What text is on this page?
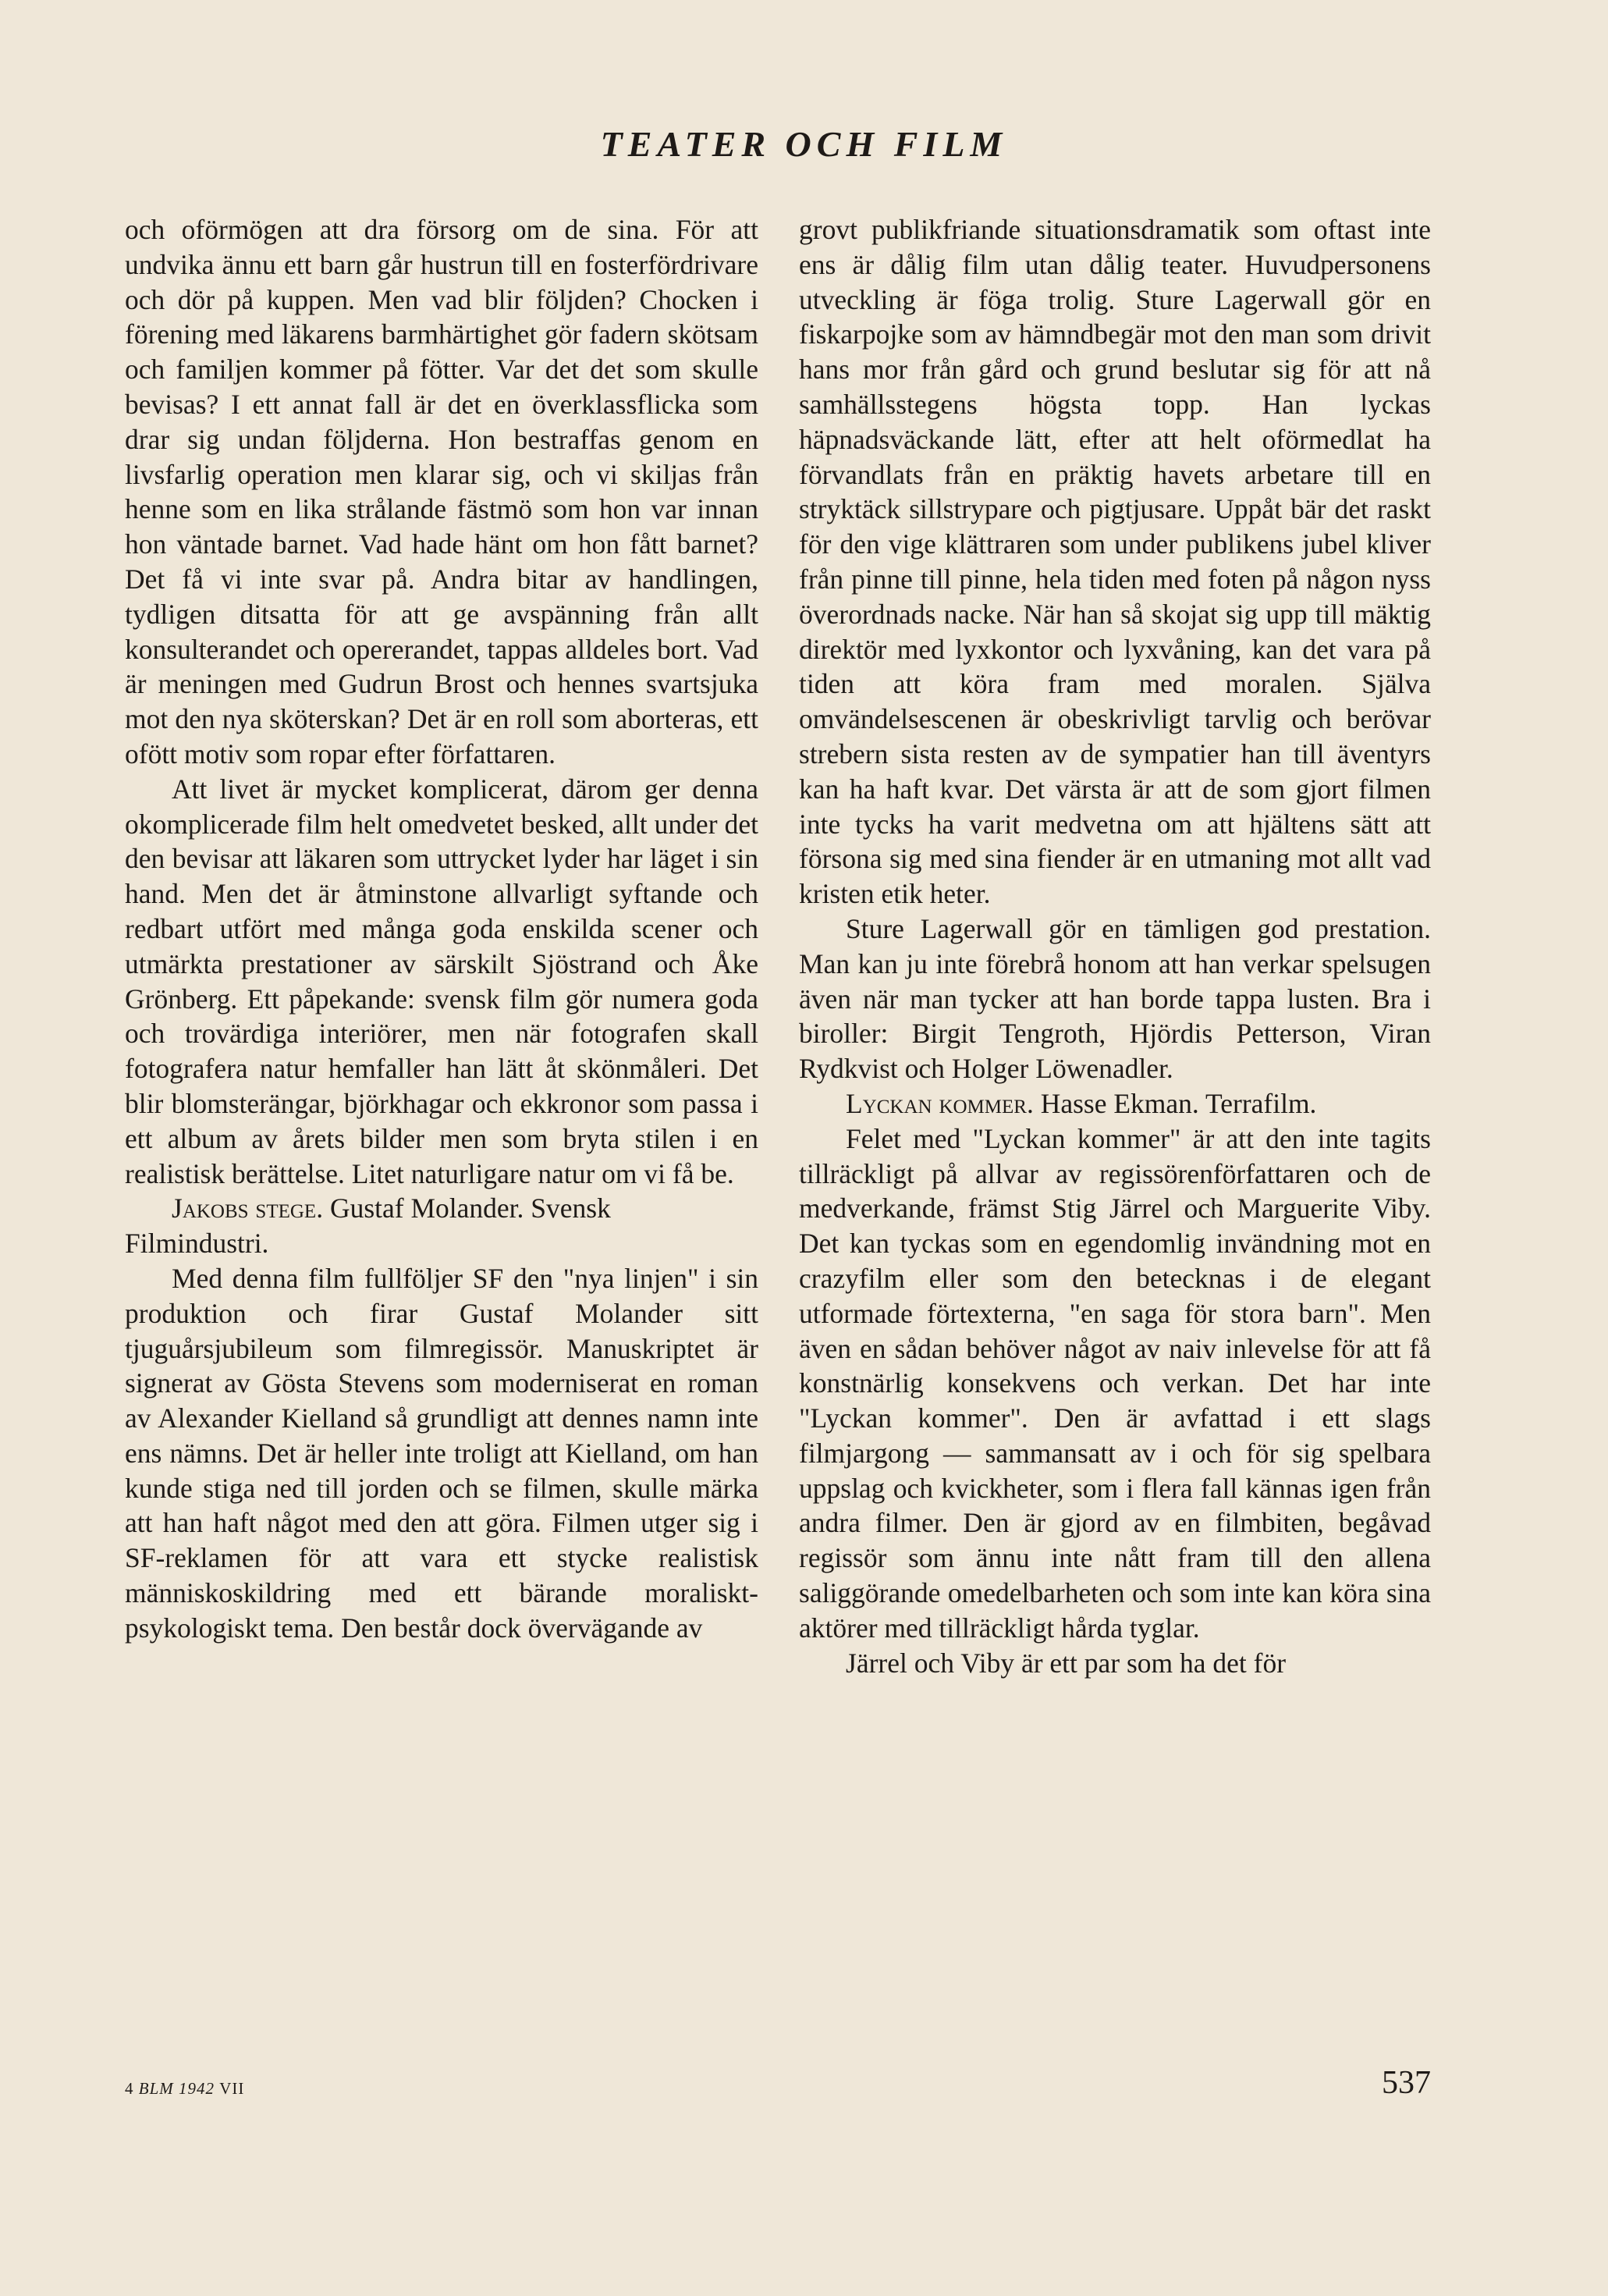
TEATER OCH FILM

och oförmögen att dra försorg om de sina. För att undvika ännu ett barn går hustrun till en fosterfördrivare och dör på kuppen. Men vad blir följden? Chocken i förening med läkarens barmhärtighet gör fadern skötsam och familjen kommer på fötter. Var det det som skulle bevisas? I ett annat fall är det en överklassflicka som drar sig undan följderna. Hon bestraffas genom en livsfarlig operation men klarar sig, och vi skiljas från henne som en lika strålande fästmö som hon var innan hon väntade barnet. Vad hade hänt om hon fått barnet? Det få vi inte svar på. Andra bitar av handlingen, tydligen ditsatta för att ge avspänning från allt konsulterandet och opererandet, tappas alldeles bort. Vad är meningen med Gudrun Brost och hennes svartsjuka mot den nya sköterskan? Det är en roll som aborteras, ett ofött motiv som ropar efter författaren.

Att livet är mycket komplicerat, därom ger denna okomplicerade film helt omedvetet besked, allt under det den bevisar att läkaren som uttrycket lyder har läget i sin hand. Men det är åtminstone allvarligt syftande och redbart utfört med många goda enskilda scener och utmärkta prestationer av särskilt Sjöstrand och Åke Grönberg. Ett påpekande: svensk film gör numera goda och trovärdiga interiörer, men när fotografen skall fotografera natur hemfaller han lätt åt skönmåleri. Det blir blomsterängar, björkhagar och ekkronor som passa i ett album av årets bilder men som bryta stilen i en realistisk berättelse. Litet naturligare natur om vi få be.

Jakobs stege. Gustaf Molander. Svensk Filmindustri.

Med denna film fullföljer SF den "nya linjen" i sin produktion och firar Gustaf Molander sitt tjuguårsjubileum som filmregissör. Manuskriptet är signerat av Gösta Stevens som moderniserat en roman av Alexander Kielland så grundligt att dennes namn inte ens nämns. Det är heller inte troligt att Kielland, om han kunde stiga ned till jorden och se filmen, skulle märka att han haft något med den att göra. Filmen utger sig i SF-reklamen för att vara ett stycke realistisk människoskildring med ett bärande moraliskt-psykologiskt tema. Den består dock övervägande av

grovt publikfriande situationsdramatik som oftast inte ens är dålig film utan dålig teater. Huvudpersonens utveckling är föga trolig. Sture Lagerwall gör en fiskarpojke som av hämndbegär mot den man som drivit hans mor från gård och grund beslutar sig för att nå samhällsstegens högsta topp. Han lyckas häpnadsväckande lätt, efter att helt oförmedlat ha förvandlats från en präktig havets arbetare till en stryktäck sillstrypare och pigtjusare. Uppåt bär det raskt för den vige klättraren som under publikens jubel kliver från pinne till pinne, hela tiden med foten på någon nyss överordnads nacke. När han så skojat sig upp till mäktig direktör med lyxkontor och lyxvåning, kan det vara på tiden att köra fram med moralen. Själva omvändelsescenen är obeskrivligt tarvlig och berövar strebern sista resten av de sympatier han till äventyrs kan ha haft kvar. Det värsta är att de som gjort filmen inte tycks ha varit medvetna om att hjältens sätt att försona sig med sina fiender är en utmaning mot allt vad kristen etik heter.

Sture Lagerwall gör en tämligen god prestation. Man kan ju inte förebrå honom att han verkar spelsugen även när man tycker att han borde tappa lusten. Bra i biroller: Birgit Tengroth, Hjördis Petterson, Viran Rydkvist och Holger Löwenadler.

Lyckan kommer. Hasse Ekman. Terrafilm.

Felet med "Lyckan kommer" är att den inte tagits tillräckligt på allvar av regissörenförfattaren och de medverkande, främst Stig Järrel och Marguerite Viby. Det kan tyckas som en egendomlig invändning mot en crazyfilm eller som den betecknas i de elegant utformade förtexterna, "en saga för stora barn". Men även en sådan behöver något av naiv inlevelse för att få konstnärlig konsekvens och verkan. Det har inte "Lyckan kommer". Den är avfattad i ett slags filmjargong — sammansatt av i och för sig spelbara uppslag och kvickheter, som i flera fall kännas igen från andra filmer. Den är gjord av en filmbiten, begåvad regissör som ännu inte nått fram till den allena saliggörande omedelbarheten och som inte kan köra sina aktörer med tillräckligt hårda tyglar.

Järrel och Viby är ett par som ha det för

4 BLM 1942 VII	537
